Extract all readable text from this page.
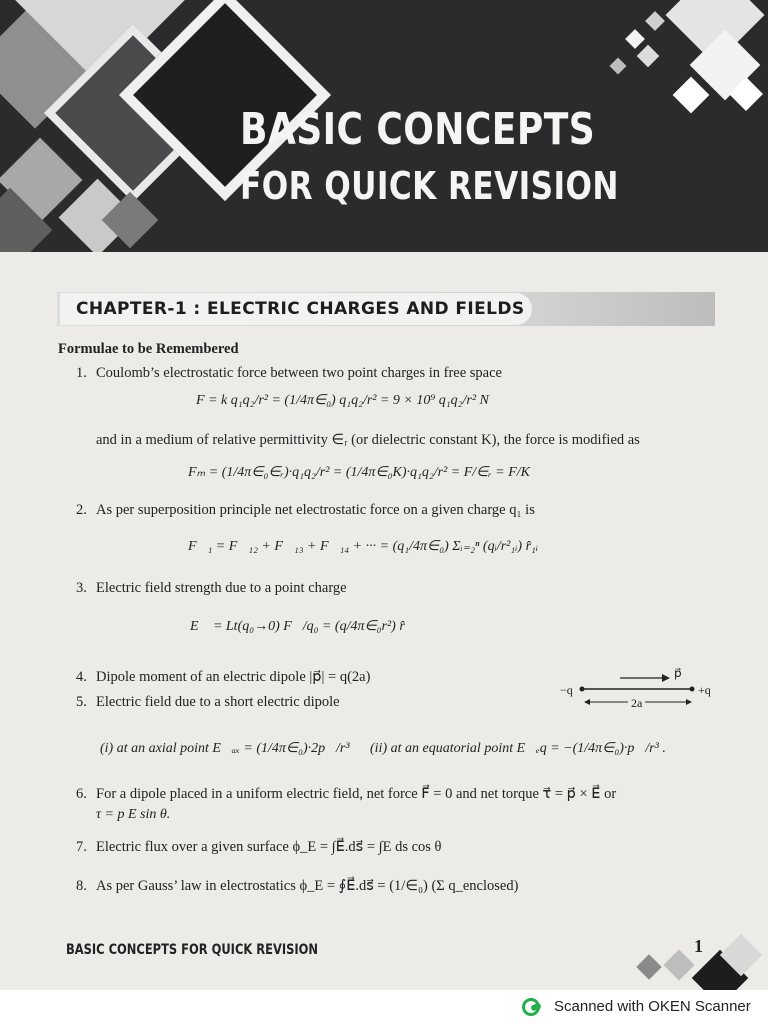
BASIC CONCEPTS
FOR QUICK REVISION
CHAPTER-1 : ELECTRIC CHARGES AND FIELDS
Formulae to be Remembered
1. Coulomb’s electrostatic force between two point charges in free space
F = k q₁q₂/r² = (1/4π∈₀) q₁q₂/r² = 9 × 10⁹ q₁q₂/r² N
and in a medium of relative permittivity ∈ᵣ (or dielectric constant K), the force is modified as
Fₘ = (1/4π∈₀∈ᵣ)·q₁q₂/r² = (1/4π∈₀K)·q₁q₂/r² = F/∈ᵣ = F/K
2. As per superposition principle net electrostatic force on a given charge q₁ is
F⃗₁ = F⃗₁₂ + F⃗₁₃ + F⃗₁₄ + ··· = (q₁/4π∈₀) Σᵢ₌₂ⁿ (qᵢ/r²₁ᵢ) r̂₁ᵢ
3. Electric field strength due to a point charge
E⃗ = Lt(q₀→0) F⃗/q₀ = (q/4π∈₀r²) r̂
4. Dipole moment of an electric dipole |p⃗| = q(2a)
−q	+q
p⃗
2a
5. Electric field due to a short electric dipole
(i) at an axial point E⃗ₐₓ = (1/4π∈₀)·2p⃗/r³ (ii) at an equatorial point E⃗ₑq = −(1/4π∈₀)·p⃗/r³ .
6. For a dipole placed in a uniform electric field, net force F⃗ = 0 and net torque τ⃗ = p⃗ × E⃗ or
τ = p E sin θ.
7. Electric flux over a given surface ϕ_E = ∫E⃗.ds⃗ = ∫E ds cos θ
8. As per Gauss’ law in electrostatics ϕ_E = ∮E⃗.ds⃗ = (1/∈₀) (Σ q_enclosed)
BASIC CONCEPTS FOR QUICK REVISION	1
Scanned with OKEN Scanner
